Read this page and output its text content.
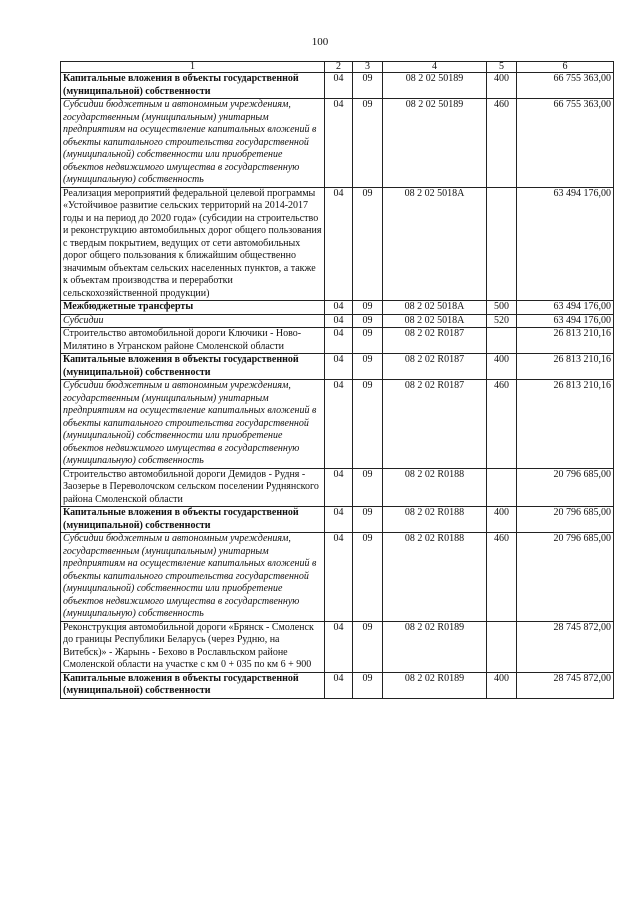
100
1	2	3	4	5	6
Капитальные вложения в объекты государственной (муниципальной) собственности	04	09	08 2 02 50189	400	66 755 363,00
Субсидии бюджетным и автономным учреждениям, государственным (муниципальным) унитарным предприятиям на осуществление капитальных вложений в объекты капитального строительства государственной (муниципальной) собственности или приобретение объектов недвижимого имущества в государственную (муниципальную) собственность	04	09	08 2 02 50189	460	66 755 363,00
Реализация мероприятий федеральной целевой программы «Устойчивое развитие сельских территорий на 2014-2017 годы и на период до 2020 года» (субсидии на строительство и реконструкцию автомобильных дорог общего пользования с твердым покрытием, ведущих от сети автомобильных дорог общего пользования к ближайшим общественно значимым объектам сельских населенных пунктов, а также к объектам производства и переработки сельскохозяйственной продукции)	04	09	08 2 02 5018А		63 494 176,00
Межбюджетные трансферты	04	09	08 2 02 5018А	500	63 494 176,00
Субсидии	04	09	08 2 02 5018А	520	63 494 176,00
Строительство автомобильной дороги Ключики - Ново-Милятино в Угранском районе Смоленской области	04	09	08 2 02 R0187		26 813 210,16
Капитальные вложения в объекты государственной (муниципальной) собственности	04	09	08 2 02 R0187	400	26 813 210,16
Субсидии бюджетным и автономным учреждениям, государственным (муниципальным) унитарным предприятиям на осуществление капитальных вложений в объекты капитального строительства государственной (муниципальной) собственности или приобретение объектов недвижимого имущества в государственную (муниципальную) собственность	04	09	08 2 02 R0187	460	26 813 210,16
Строительство автомобильной дороги Демидов - Рудня - Заозерье в Переволочском сельском поселении Руднянского района Смоленской области	04	09	08 2 02 R0188		20 796 685,00
Капитальные вложения в объекты государственной (муниципальной) собственности	04	09	08 2 02 R0188	400	20 796 685,00
Субсидии бюджетным и автономным учреждениям, государственным (муниципальным) унитарным предприятиям на осуществление капитальных вложений в объекты капитального строительства государственной (муниципальной) собственности или приобретение объектов недвижимого имущества в государственную (муниципальную) собственность	04	09	08 2 02 R0188	460	20 796 685,00
Реконструкция автомобильной дороги «Брянск - Смоленск до границы Республики Беларусь (через Рудню, на Витебск)» - Жарынь - Бехово в Рославльском районе Смоленской области на участке с км 0 + 035 по км 6 + 900	04	09	08 2 02 R0189		28 745 872,00
Капитальные вложения в объекты государственной (муниципальной) собственности	04	09	08 2 02 R0189	400	28 745 872,00
